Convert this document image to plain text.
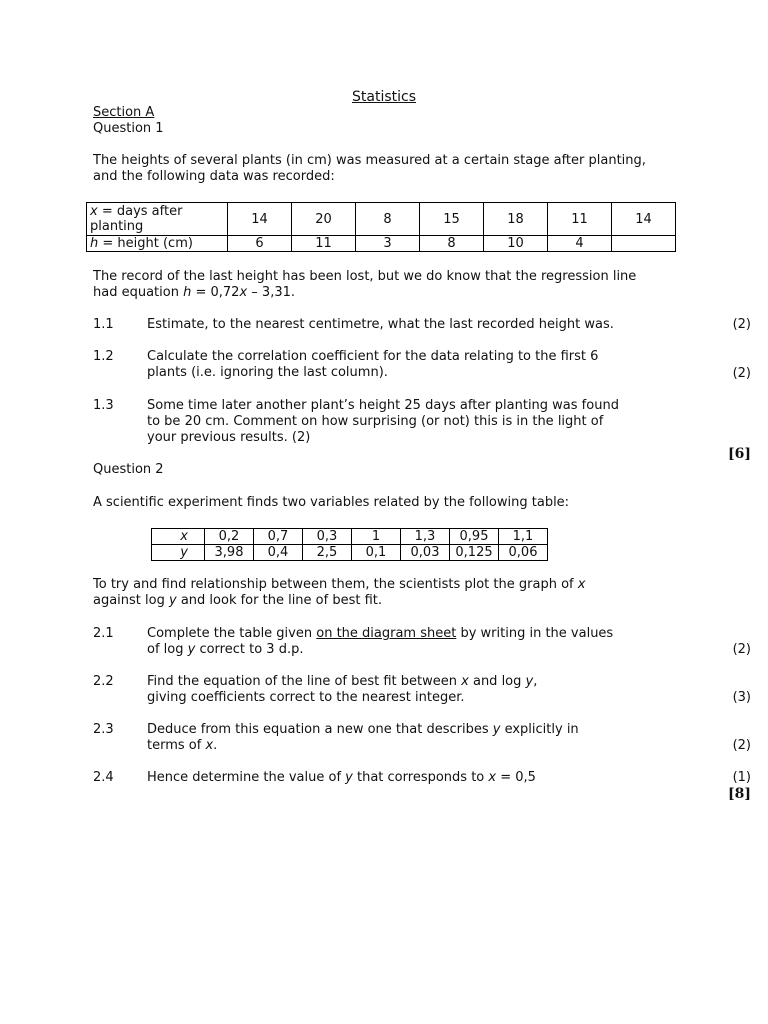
Statistics
Section A
Question 1
The heights of several plants (in cm) was measured at a certain stage after planting, and the following data was recorded:
x = days after planting	14	20	8	15	18	11	14
h = height (cm)	6	11	3	8	10	4	
The record of the last height has been lost, but we do know that the regression line had equation h = 0,72x – 3,31.
1.1	Estimate, to the nearest centimetre, what the last recorded height was.	(2)
1.2	Calculate the correlation coefficient for the data relating to the first 6 plants (i.e. ignoring the last column).	(2)
1.3	Some time later another plant’s height 25 days after planting was found to be 20 cm. Comment on how surprising (or not) this is in the light of your previous results. (2)
[6]
Question 2
A scientific experiment finds two variables related by the following table:
x	0,2	0,7	0,3	1	1,3	0,95	1,1
y	3,98	0,4	2,5	0,1	0,03	0,125	0,06
To try and find relationship between them, the scientists plot the graph of x against log y and look for the line of best fit.
2.1	Complete the table given on the diagram sheet by writing in the values of log y correct to 3 d.p.	(2)
2.2	Find the equation of the line of best fit between x and log y, giving coefficients correct to the nearest integer.	(3)
2.3	Deduce from this equation a new one that describes y explicitly in terms of x.	(2)
2.4	Hence determine the value of y that corresponds to x = 0,5	(1)
[8]
